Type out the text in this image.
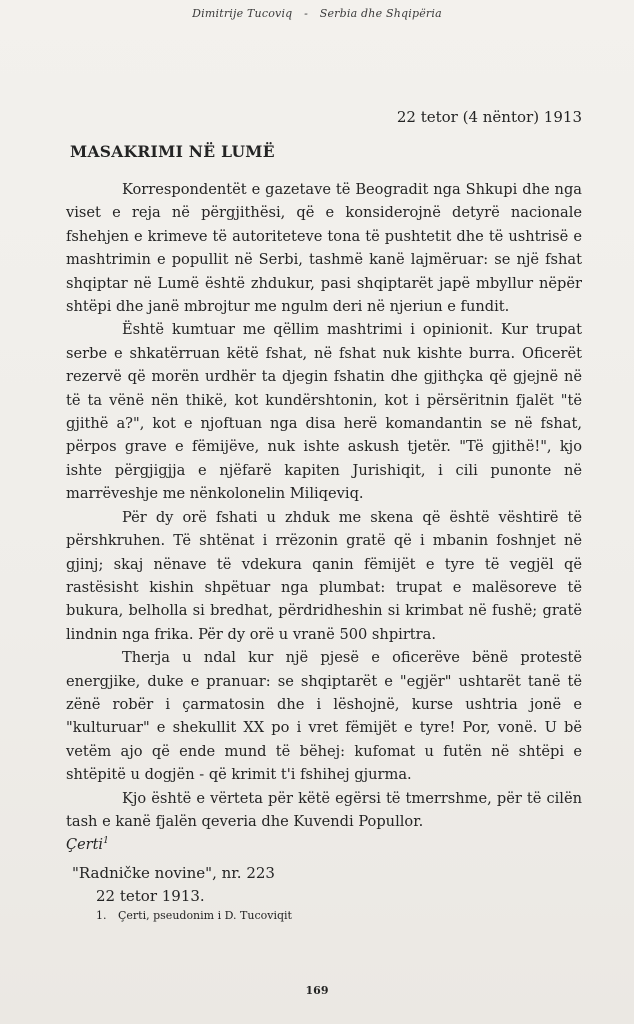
Dimitrije Tucoviq - Serbia dhe Shqipëria
22 tetor (4 nëntor) 1913
MASAKRIMI NË LUMË

Korrespondentët e gazetave të Beogradit nga Shkupi dhe nga viset e reja në përgjithësi, që e konsiderojnë detyrë nacionale fshehjen e krimeve të autoriteteve tona të pushtetit dhe të ushtrisë e mashtrimin e popullit në Serbi, tashmë kanë lajmëruar: se një fshat shqiptar në Lumë është zhdukur, pasi shqiptarët japë mbyllur nëpër shtëpi dhe janë mbrojtur me ngulm deri në njeriun e fundit.

Është kumtuar me qëllim mashtrimi i opinionit. Kur trupat serbe e shkatërruan këtë fshat, në fshat nuk kishte burra. Oficerët rezervë që morën urdhër ta djegin fshatin dhe gjithçka që gjejnë në të ta vënë nën thikë, kot kundërshtonin, kot i përsëritnin fjalët "të gjithë a?", kot e njoftuan nga disa herë komandantin se në fshat, përpos grave e fëmijëve, nuk ishte askush tjetër. "Të gjithë!", kjo ishte përgjigjja e njëfarë kapiten Jurishiqit, i cili punonte në marrëveshje me nënkolonelin Miliqeviq.

Për dy orë fshati u zhduk me skena që është vështirë të përshkruhen. Të shtënat i rrëzonin gratë që i mbanin foshnjet në gjinj; skaj nënave të vdekura qanin fëmijët e tyre të vegjël që rastësisht kishin shpëtuar nga plumbat: trupat e malësoreve të bukura, belholla si bredhat, përdridheshin si krimbat në fushë; gratë lindnin nga frika. Për dy orë u vranë 500 shpirtra.

Therja u ndal kur një pjesë e oficerëve bënë protestë energjike, duke e pranuar: se shqiptarët e "egjër" ushtarët tanë të zënë robër i çarmatosin dhe i lëshojnë, kurse ushtria jonë e "kulturuar" e shekullit XX po i vret fëmijët e tyre! Por, vonë. U bë vetëm ajo që ende mund të bëhej: kufomat u futën në shtëpi e shtëpitë u dogjën - që krimit t'i fshihej gjurma.

Kjo është e vërteta për këtë egërsi të tmerrshme, për të cilën tash e kanë fjalën qeveria dhe Kuvendi Popullor.

Çerti$^1$
"Radničke novine", nr. 223
22 tetor 1913.
1. Çerti, pseudonim i D. Tucoviqit
169
